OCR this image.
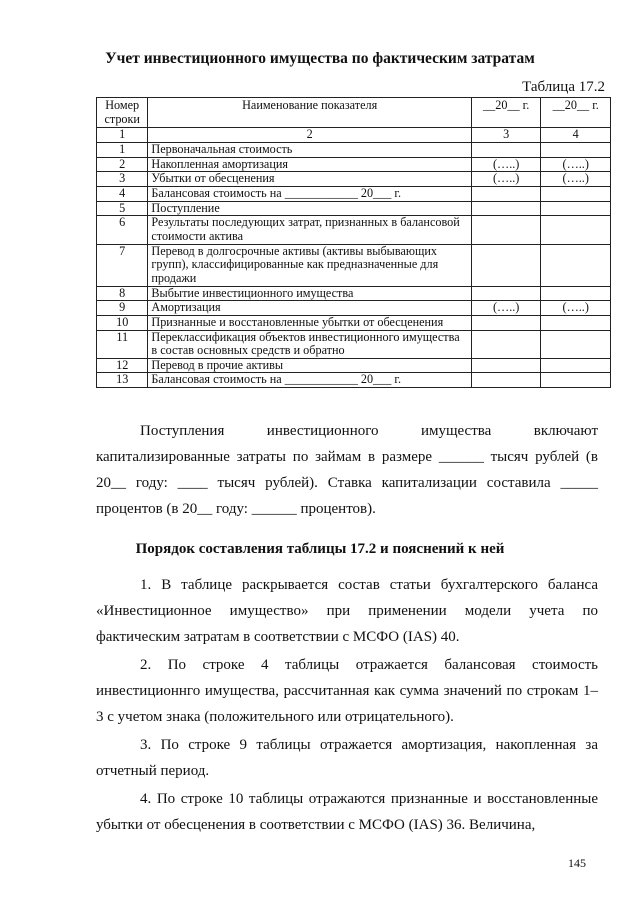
Учет инвестиционного имущества по фактическим затратам
Таблица 17.2
Номер строки	Наименование показателя	__20__ г.	__20__ г.
1	2	3	4
1	Первоначальная стоимость		
2	Накопленная амортизация	(…..)	(…..)
3	Убытки от обесценения	(…..)	(…..)
4	Балансовая стоимость на ____________ 20___ г.		
5	Поступление		
6	Результаты последующих затрат, признанных в балансовой стоимости актива		
7	Перевод в долгосрочные активы (активы выбывающих групп), классифицированные как предназначенные для продажи		
8	Выбытие инвестиционного имущества		
9	Амортизация	(…..)	(…..)
10	Признанные и восстановленные убытки от обесценения		
11	Переклассификация объектов инвестиционного имущества в состав основных средств и обратно		
12	Перевод в прочие активы		
13	Балансовая стоимость на ____________ 20___ г.		
Поступления инвестиционного имущества включают капитализированные затраты по займам в размере ______ тысяч рублей (в 20__ году: ____ тысяч рублей). Ставка капитализации составила _____ процентов (в 20__ году: ______ процентов).
Порядок составления таблицы 17.2 и пояснений к ней
1. В таблице раскрывается состав статьи бухгалтерского баланса «Инвестиционное имущество» при применении модели учета по фактическим затратам в соответствии с МСФО (IAS) 40.
2. По строке 4 таблицы отражается балансовая стоимость инвестиционнго имущества, рассчитанная как сумма значений по строкам 1–3 с учетом знака (положительного или отрицательного).
3. По строке 9 таблицы отражается амортизация, накопленная за отчетный период.
4. По строке 10 таблицы отражаются признанные и восстановленные убытки от обесценения в соответствии с МСФО (IAS) 36. Величина,
145
